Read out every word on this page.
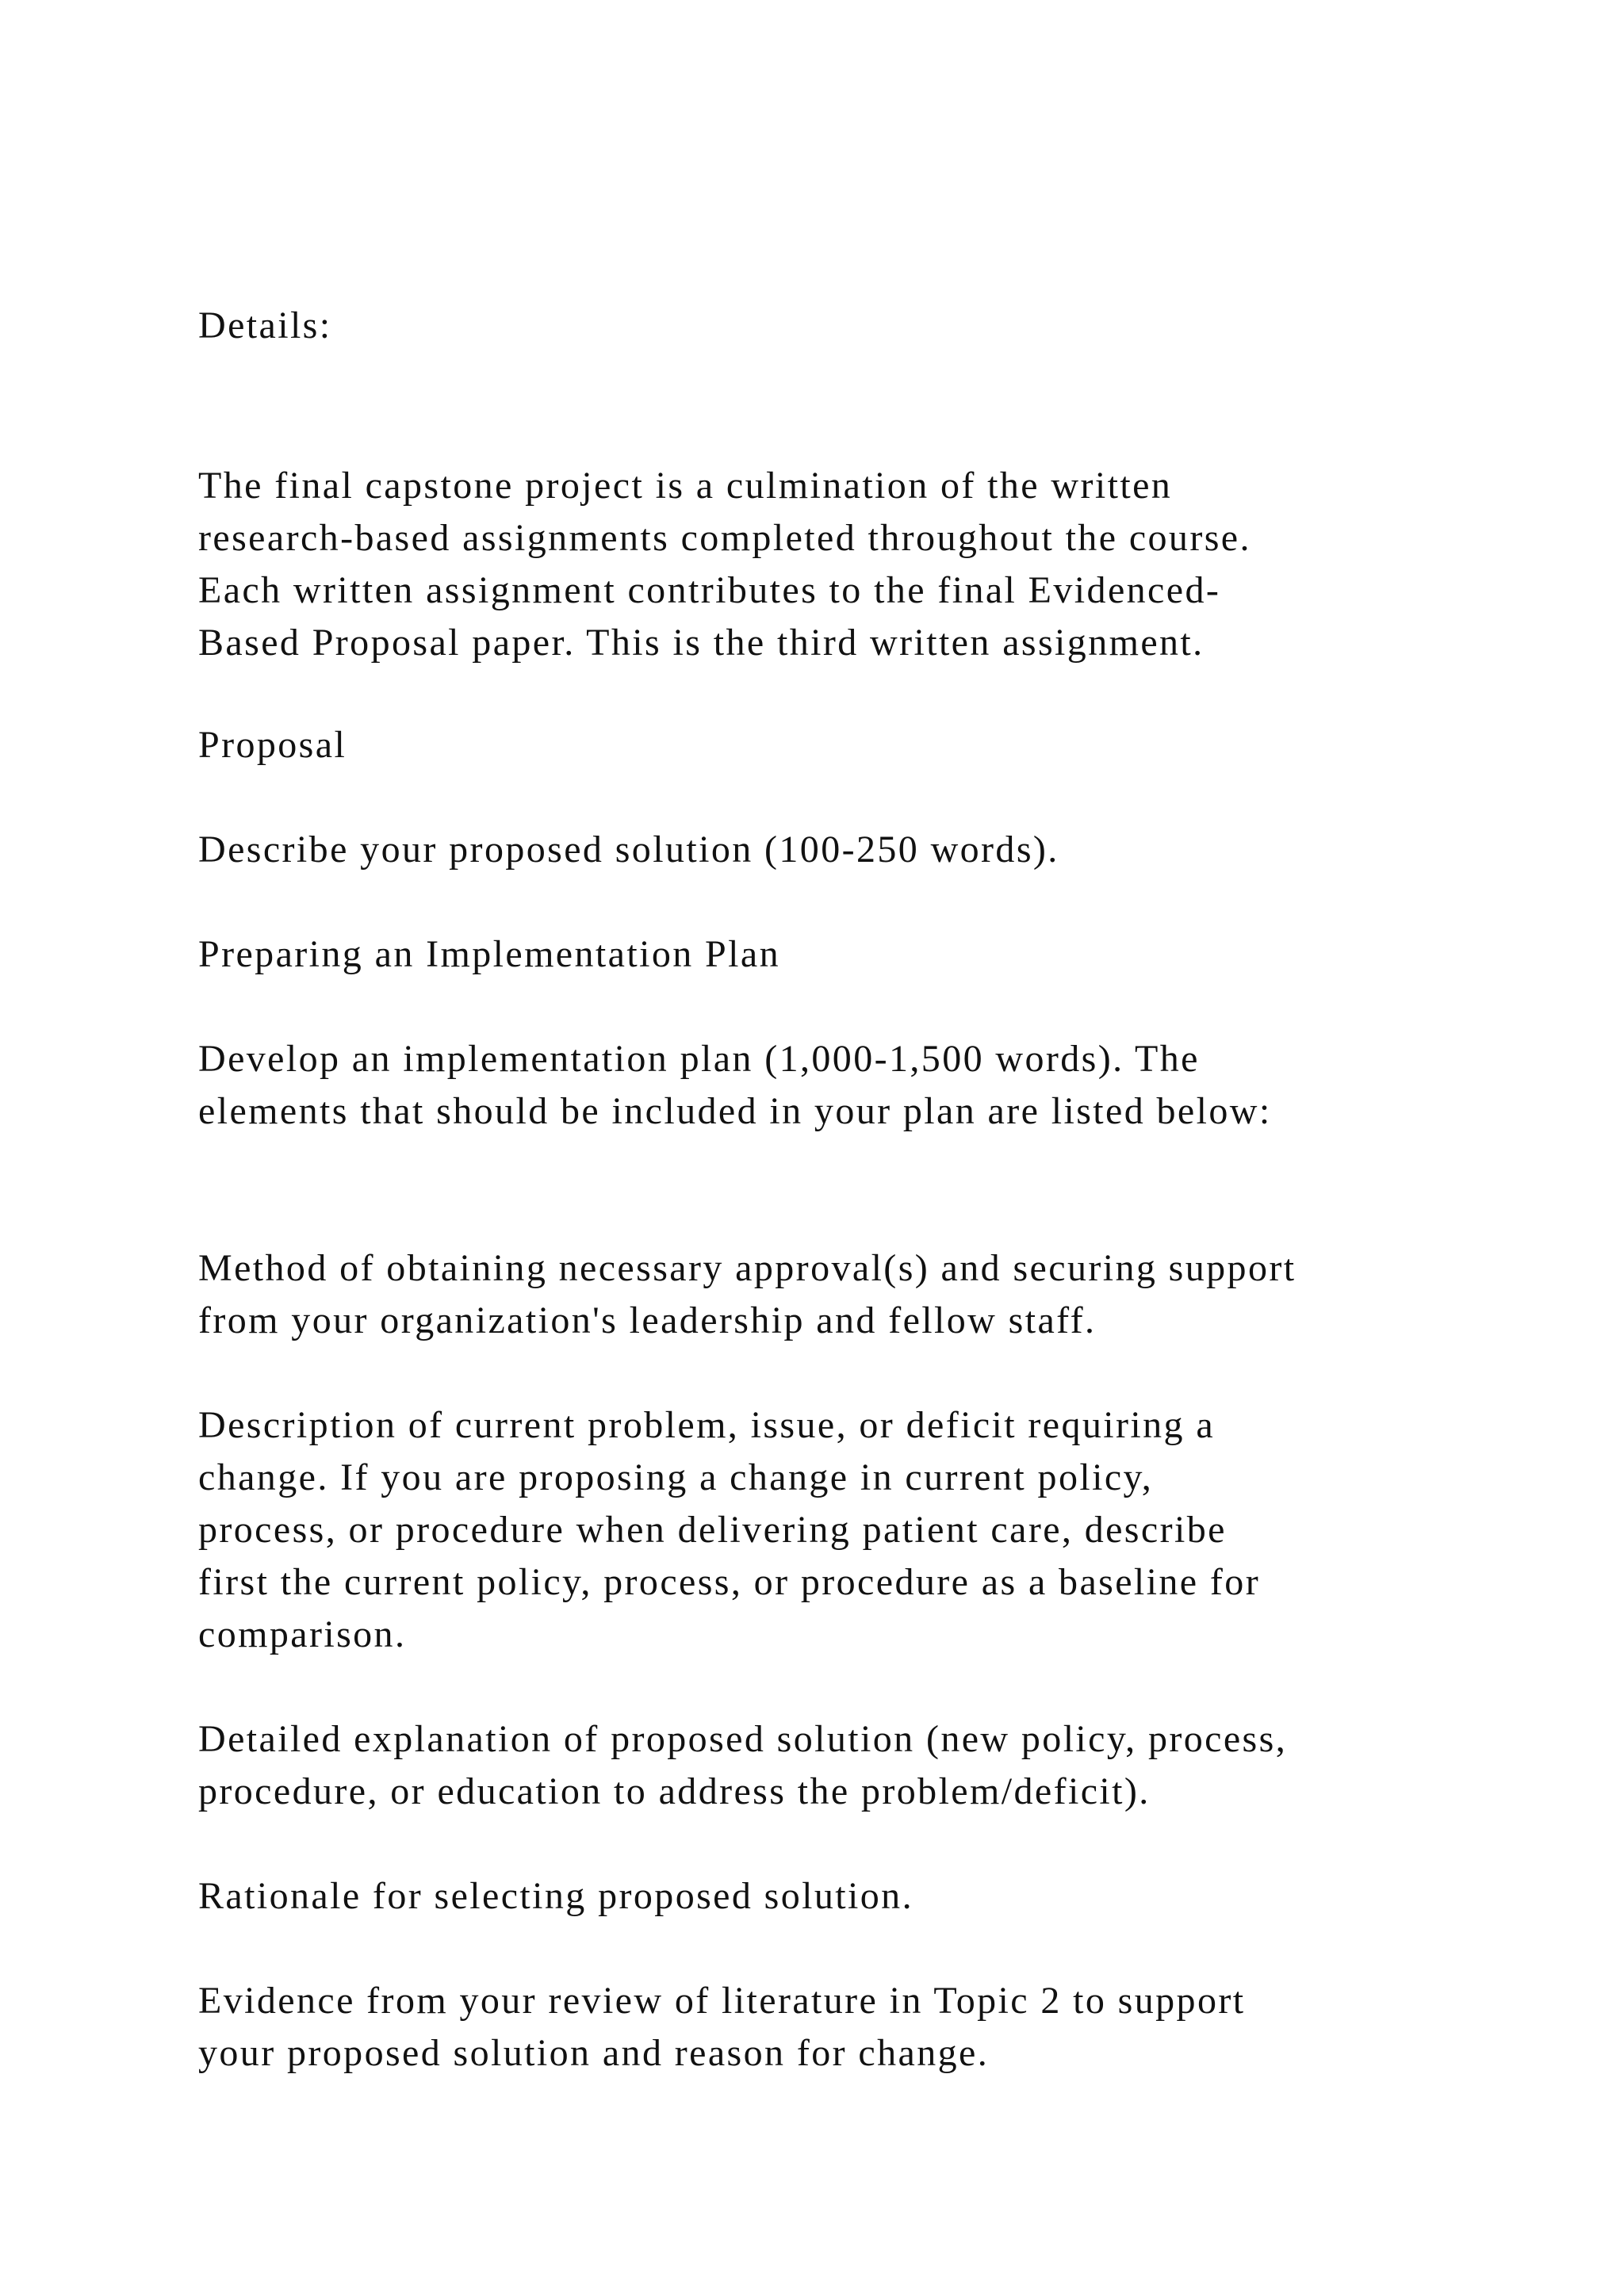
Details:

The final capstone project is a culmination of the written
research-based assignments completed throughout the course.
Each written assignment contributes to the final Evidenced-
Based Proposal paper. This is the third written assignment.

Proposal

Describe your proposed solution (100-250 words).

Preparing an Implementation Plan

Develop an implementation plan (1,000-1,500 words). The
elements that should be included in your plan are listed below:

Method of obtaining necessary approval(s) and securing support
from your organization's leadership and fellow staff.

Description of current problem, issue, or deficit requiring a
change. If you are proposing a change in current policy,
process, or procedure when delivering patient care, describe
first the current policy, process, or procedure as a baseline for
comparison.

Detailed explanation of proposed solution (new policy, process,
procedure, or education to address the problem/deficit).

Rationale for selecting proposed solution.

Evidence from your review of literature in Topic 2 to support
your proposed solution and reason for change.
